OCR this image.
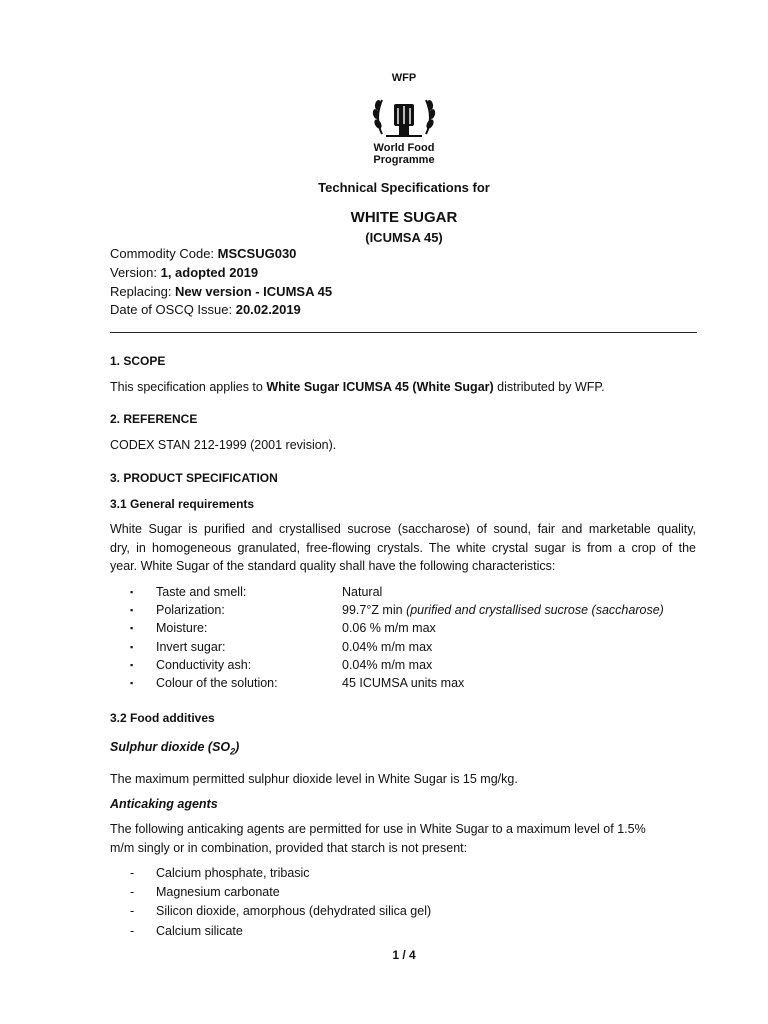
WFP
World Food
Programme
Technical Specifications for
WHITE SUGAR
(ICUMSA 45)
Commodity Code: MSCSUG030
Version: 1, adopted 2019
Replacing: New version - ICUMSA 45
Date of OSCQ Issue: 20.02.2019
1. SCOPE
This specification applies to White Sugar ICUMSA 45 (White Sugar) distributed by WFP.
2. REFERENCE
CODEX STAN 212-1999 (2001 revision).
3. PRODUCT SPECIFICATION
3.1 General requirements
White Sugar is purified and crystallised sucrose (saccharose) of sound, fair and marketable quality,
dry, in homogeneous granulated, free-flowing crystals. The white crystal sugar is from a crop of the
year. White Sugar of the standard quality shall have the following characteristics:
▪ Taste and smell:	Natural
▪ Polarization:	99.7°Z min (purified and crystallised sucrose (saccharose)
▪ Moisture:	0.06 % m/m max
▪ Invert sugar:	0.04% m/m max
▪ Conductivity ash:	0.04% m/m max
▪ Colour of the solution:	45 ICUMSA units max
3.2 Food additives
Sulphur dioxide $(SO_2)$
The maximum permitted sulphur dioxide level in White Sugar is 15 mg/kg.
Anticaking agents
The following anticaking agents are permitted for use in White Sugar to a maximum level of 1.5%
m/m singly or in combination, provided that starch is not present:
- Calcium phosphate, tribasic
- Magnesium carbonate
- Silicon dioxide, amorphous (dehydrated silica gel)
- Calcium silicate
1 / 4
